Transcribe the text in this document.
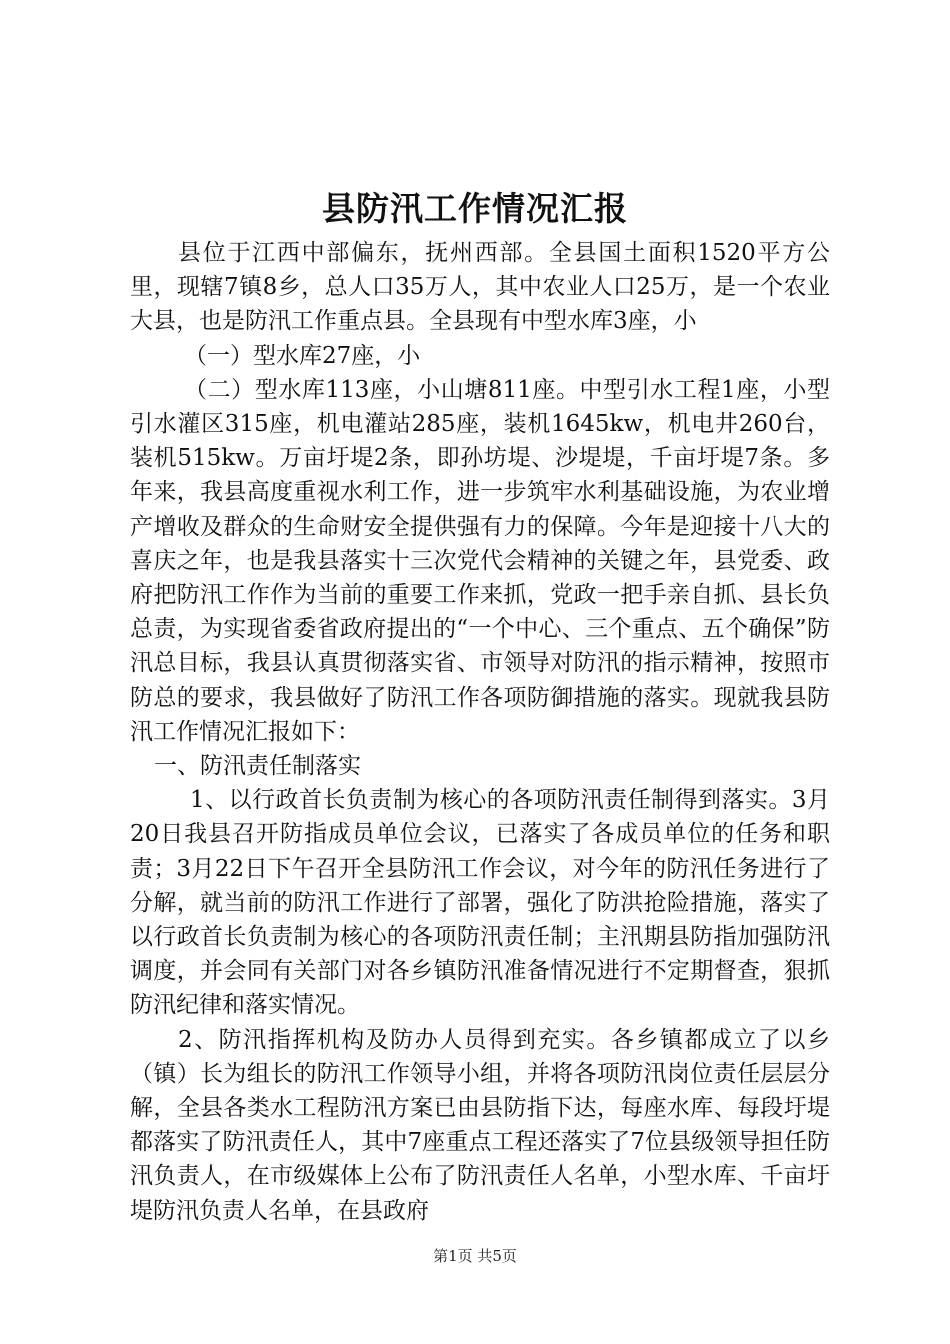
县防汛工作情况汇报

县位于江西中部偏东，抚州西部。全县国土面积1520平方公里，现辖7镇8乡，总人口35万人，其中农业人口25万，是一个农业大县，也是防汛工作重点县。全县现有中型水库3座，小

（一）型水库27座，小

（二）型水库113座，小山塘811座。中型引水工程1座，小型引水灌区315座，机电灌站285座，装机1645kw，机电井260台，装机515kw。万亩圩堤2条，即孙坊堤、沙堤堤，千亩圩堤7条。多年来，我县高度重视水利工作，进一步筑牢水利基础设施，为农业增产增收及群众的生命财安全提供强有力的保障。今年是迎接十八大的喜庆之年，也是我县落实十三次党代会精神的关键之年，县党委、政府把防汛工作作为当前的重要工作来抓，党政一把手亲自抓、县长负总责，为实现省委省政府提出的“一个中心、三个重点、五个确保”防汛总目标，我县认真贯彻落实省、市领导对防汛的指示精神，按照市防总的要求，我县做好了防汛工作各项防御措施的落实。现就我县防汛工作情况汇报如下：

一、防汛责任制落实

1、以行政首长负责制为核心的各项防汛责任制得到落实。3月20日我县召开防指成员单位会议，已落实了各成员单位的任务和职责；3月22日下午召开全县防汛工作会议，对今年的防汛任务进行了分解，就当前的防汛工作进行了部署，强化了防洪抢险措施，落实了以行政首长负责制为核心的各项防汛责任制；主汛期县防指加强防汛调度，并会同有关部门对各乡镇防汛准备情况进行不定期督查，狠抓防汛纪律和落实情况。

2、防汛指挥机构及防办人员得到充实。各乡镇都成立了以乡（镇）长为组长的防汛工作领导小组，并将各项防汛岗位责任层层分解，全县各类水工程防汛方案已由县防指下达，每座水库、每段圩堤都落实了防汛责任人，其中7座重点工程还落实了7位县级领导担任防汛负责人，在市级媒体上公布了防汛责任人名单，小型水库、千亩圩堤防汛负责人名单，在县政府

第1页 共5页
